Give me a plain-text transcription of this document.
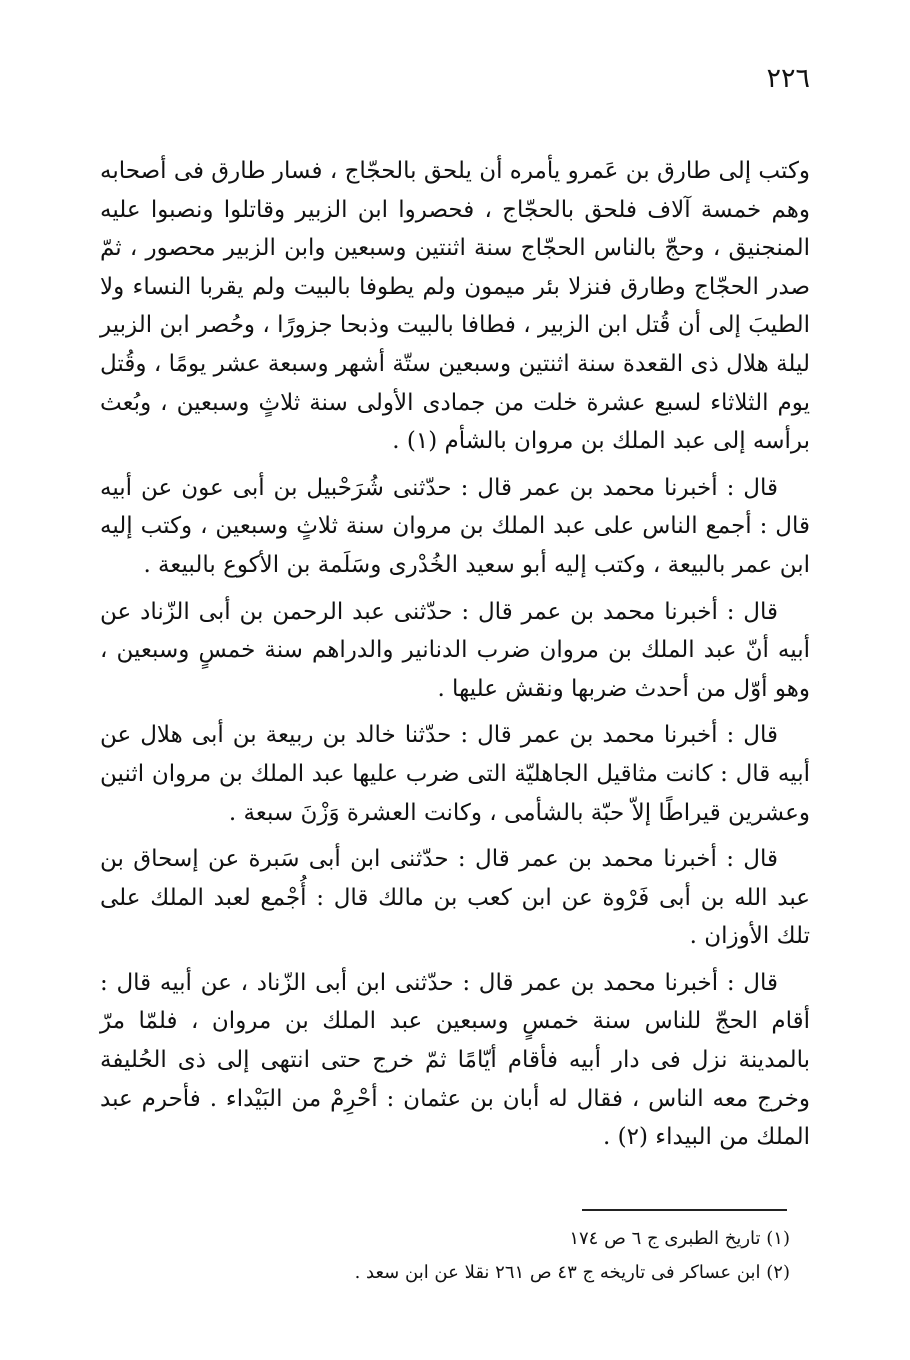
٢٢٦

وكتب إلى طارق بن عَمرو يأمره أن يلحق بالحجّاج ، فسار طارق فى أصحابه وهم خمسة آلاف فلحق بالحجّاج ، فحصروا ابن الزبير وقاتلوا ونصبوا عليه المنجنيق ، وحجّ بالناس الحجّاج سنة اثنتين وسبعين وابن الزبير محصور ، ثمّ صدر الحجّاج وطارق فنزلا بئر ميمون ولم يطوفا بالبيت ولم يقربا النساء ولا الطيبَ إلى أن قُتل ابن الزبير ، فطافا بالبيت وذبحا جزورًا ، وحُصر ابن الزبير ليلة هلال ذى القعدة سنة اثنتين وسبعين ستّة أشهر وسبعة عشر يومًا ، وقُتل يوم الثلاثاء لسبع عشرة خلت من جمادى الأولى سنة ثلاثٍ وسبعين ، وبُعث برأسه إلى عبد الملك بن مروان بالشأم (١) .

قال : أخبرنا محمد بن عمر قال : حدّثنى شُرَحْبيل بن أبى عون عن أبيه قال : أجمع الناس على عبد الملك بن مروان سنة ثلاثٍ وسبعين ، وكتب إليه ابن عمر بالبيعة ، وكتب إليه أبو سعيد الخُدْرى وسَلَمة بن الأكوع بالبيعة .

قال : أخبرنا محمد بن عمر قال : حدّثنى عبد الرحمن بن أبى الزّناد عن أبيه أنّ عبد الملك بن مروان ضرب الدنانير والدراهم سنة خمسٍ وسبعين ، وهو أوّل من أحدث ضربها ونقش عليها .

قال : أخبرنا محمد بن عمر قال : حدّثنا خالد بن ربيعة بن أبى هلال عن أبيه قال : كانت مثاقيل الجاهليّة التى ضرب عليها عبد الملك بن مروان اثنين وعشرين قيراطًا إلاّ حبّة بالشأمى ، وكانت العشرة وَزْنَ سبعة .

قال : أخبرنا محمد بن عمر قال : حدّثنى ابن أبى سَبرة عن إسحاق بن عبد الله بن أبى فَرْوة عن ابن كعب بن مالك قال : أُجْمع لعبد الملك على تلك الأوزان .

قال : أخبرنا محمد بن عمر قال : حدّثنى ابن أبى الزّناد ، عن أبيه قال : أقام الحجّ للناس سنة خمسٍ وسبعين عبد الملك بن مروان ، فلمّا مرّ بالمدينة نزل فى دار أبيه فأقام أيّامًا ثمّ خرج حتى انتهى إلى ذى الحُليفة وخرج معه الناس ، فقال له أبان بن عثمان : أحْرِمْ من البَيْداء . فأحرم عبد الملك من البيداء (٢) .

(١) تاريخ الطبرى ج ٦ ص ١٧٤

(٢) ابن عساكر فى تاريخه ج ٤٣ ص ٢٦١ نقلا عن ابن سعد .
